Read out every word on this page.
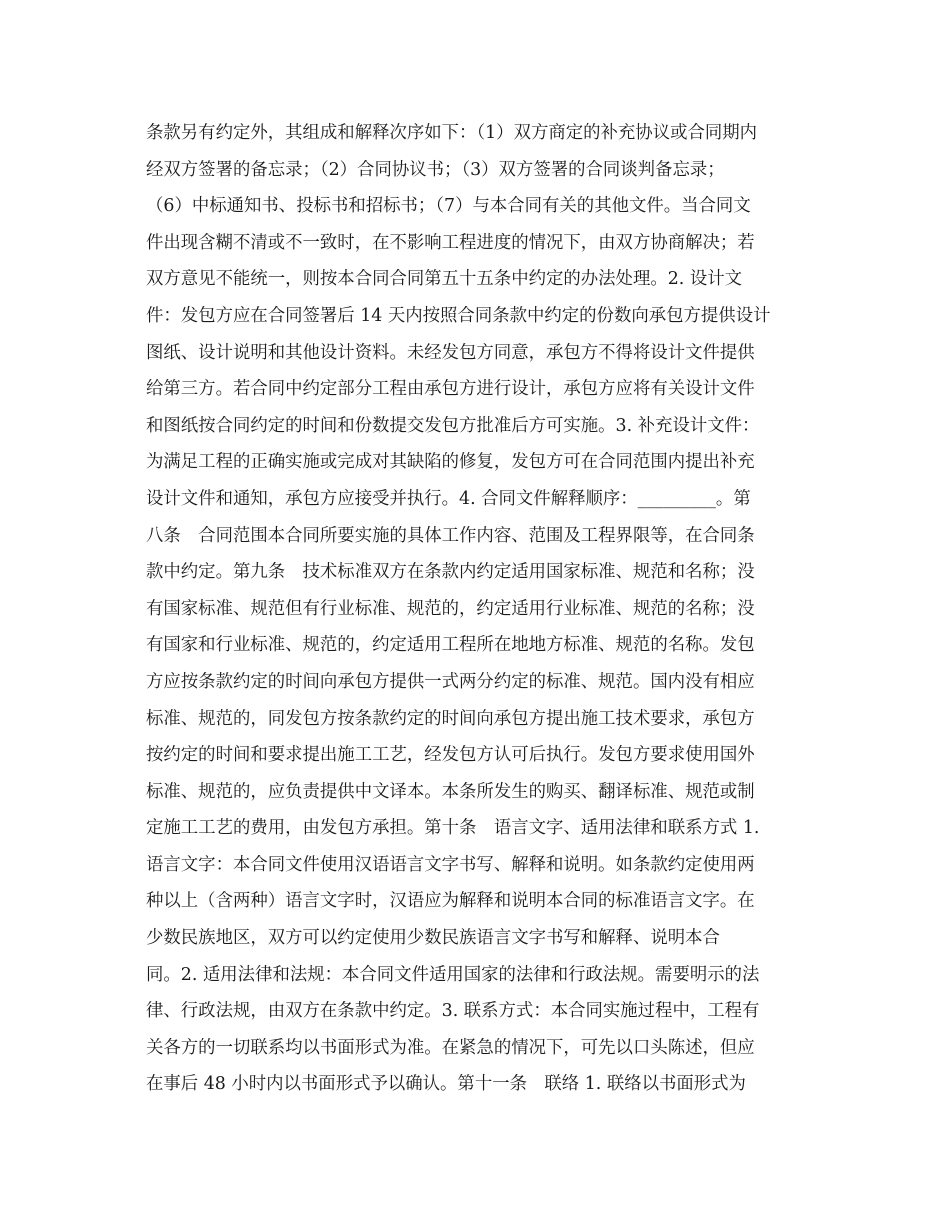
条款另有约定外，其组成和解释次序如下：（1）双方商定的补充协议或合同期内
经双方签署的备忘录；（2）合同协议书；（3）双方签署的合同谈判备忘录；
（6）中标通知书、投标书和招标书；（7）与本合同有关的其他文件。当合同文
件出现含糊不清或不一致时，在不影响工程进度的情况下，由双方协商解决；若
双方意见不能统一，则按本合同合同第五十五条中约定的办法处理。2. 设计文
件：发包方应在合同签署后 14 天内按照合同条款中约定的份数向承包方提供设计
图纸、设计说明和其他设计资料。未经发包方同意，承包方不得将设计文件提供
给第三方。若合同中约定部分工程由承包方进行设计，承包方应将有关设计文件
和图纸按合同约定的时间和份数提交发包方批准后方可实施。3. 补充设计文件：
为满足工程的正确实施或完成对其缺陷的修复，发包方可在合同范围内提出补充
设计文件和通知，承包方应接受并执行。4. 合同文件解释顺序：_________。第
八条　合同范围本合同所要实施的具体工作内容、范围及工程界限等，在合同条
款中约定。第九条　技术标准双方在条款内约定适用国家标准、规范和名称；没
有国家标准、规范但有行业标准、规范的，约定适用行业标准、规范的名称；没
有国家和行业标准、规范的，约定适用工程所在地地方标准、规范的名称。发包
方应按条款约定的时间向承包方提供一式两分约定的标准、规范。国内没有相应
标准、规范的，同发包方按条款约定的时间向承包方提出施工技术要求，承包方
按约定的时间和要求提出施工工艺，经发包方认可后执行。发包方要求使用国外
标准、规范的，应负责提供中文译本。本条所发生的购买、翻译标准、规范或制
定施工工艺的费用，由发包方承担。第十条　语言文字、适用法律和联系方式 1.
语言文字：本合同文件使用汉语语言文字书写、解释和说明。如条款约定使用两
种以上（含两种）语言文字时，汉语应为解释和说明本合同的标准语言文字。在
少数民族地区，双方可以约定使用少数民族语言文字书写和解释、说明本合
同。2. 适用法律和法规：本合同文件适用国家的法律和行政法规。需要明示的法
律、行政法规，由双方在条款中约定。3. 联系方式：本合同实施过程中，工程有
关各方的一切联系均以书面形式为准。在紧急的情况下，可先以口头陈述，但应
在事后 48 小时内以书面形式予以确认。第十一条　联络 1. 联络以书面形式为
